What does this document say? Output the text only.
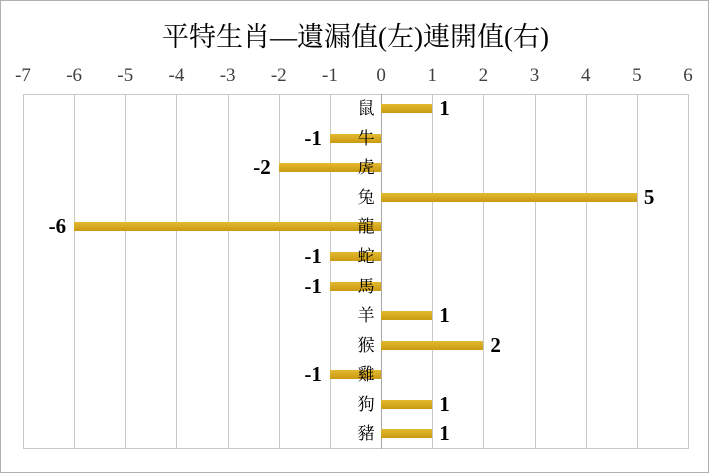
平特生肖—遺漏值(左)連開值(右)
-7	-6	-5	-4	-3	-2	-1	0	1	2	3	4	5	6
鼠	1
牛
-1
虎
-2
兔	5
龍
-6
蛇
-1
馬
-1
羊	1
猴	2
雞
-1
狗	1
豬	1
